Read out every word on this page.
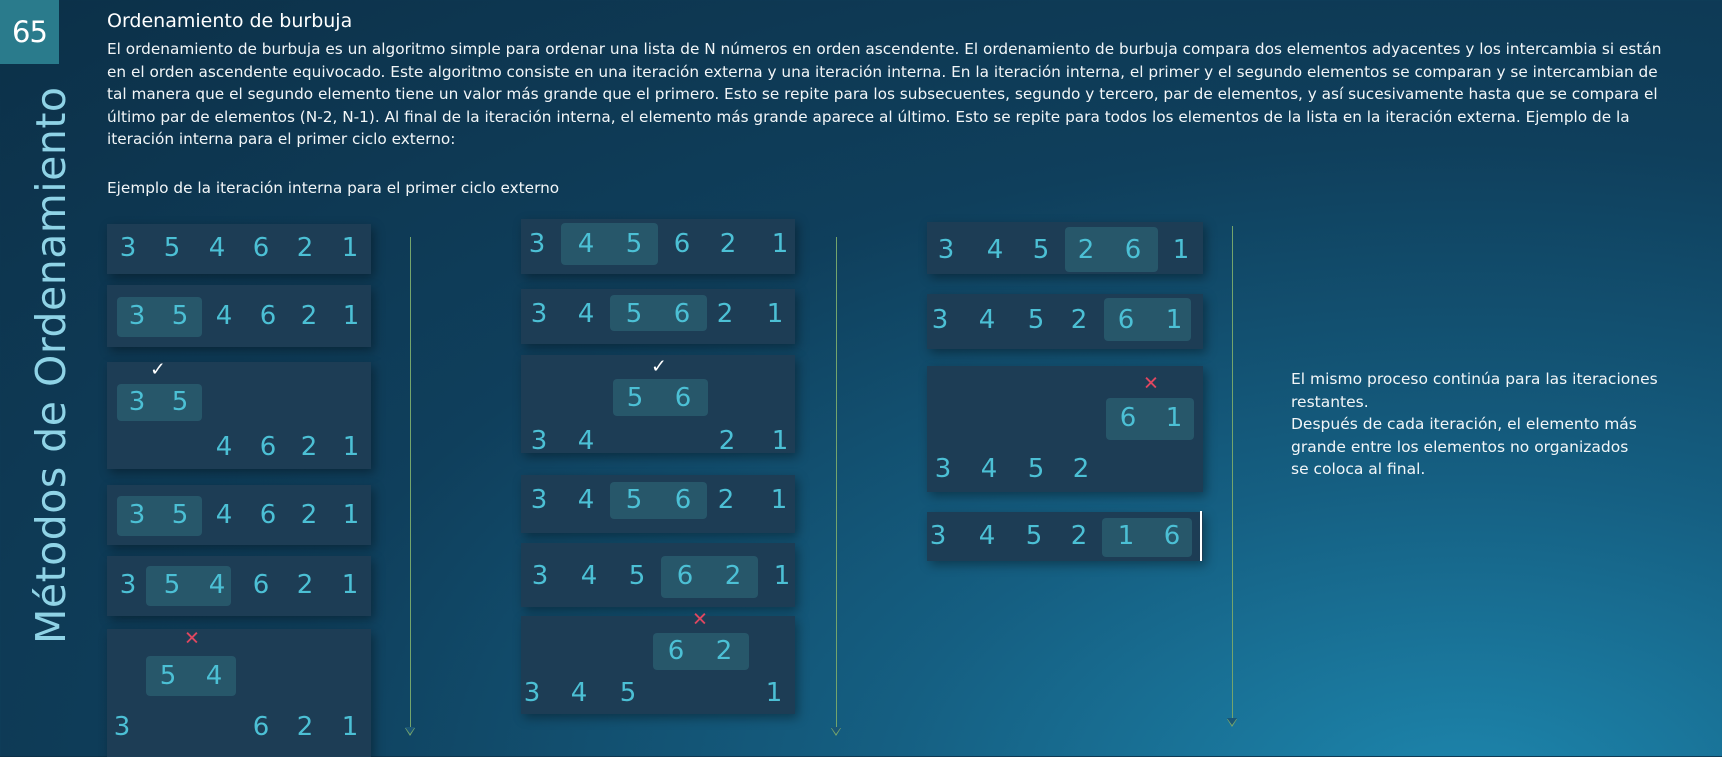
65
Métodos de Ordenamiento
Ordenamiento de burbuja
El ordenamiento de burbuja es un algoritmo simple para ordenar una lista de N números en orden ascendente. El ordenamiento de burbuja compara dos elementos adyacentes y los intercambia si están en el orden ascendente equivocado. Este algoritmo consiste en una iteración externa y una iteración interna. En la iteración interna, el primer y el segundo elementos se comparan y se intercambian de tal manera que el segundo elemento tiene un valor más grande que el primero. Esto se repite para los subsecuentes, segundo y tercero, par de elementos, y así sucesivamente hasta que se compara el último par de elementos (N-2, N-1). Al final de la iteración interna, el elemento más grande aparece al último. Esto se repite para todos los elementos de la lista en la iteración externa. Ejemplo de la iteración interna para el primer ciclo externo:
Ejemplo de la iteración interna para el primer ciclo externo
El mismo proceso continúa para las iteraciones
restantes.
Después de cada iteración, el elemento más
grande entre los elementos no organizados
se coloca al final.
3 5 4 6 2 1
3 5 4 6 2 1
3 5
4 6 2 1
✓
3 5 4 6 2 1
3 5 4 6 2 1
5 4
3	6 2 1
✕
3 4 5 6 2 1
3 4 5 6 2 1
5 6
3 4	2 1
✓
3 4 5 6 2 1
3 4 5 6 2 1
6 2
3 4 5	1
✕
3 4 5 2 6 1
3 4 5 2 6 1
6 1
3 4 5 2
✕
3 4 5 2 1 6
